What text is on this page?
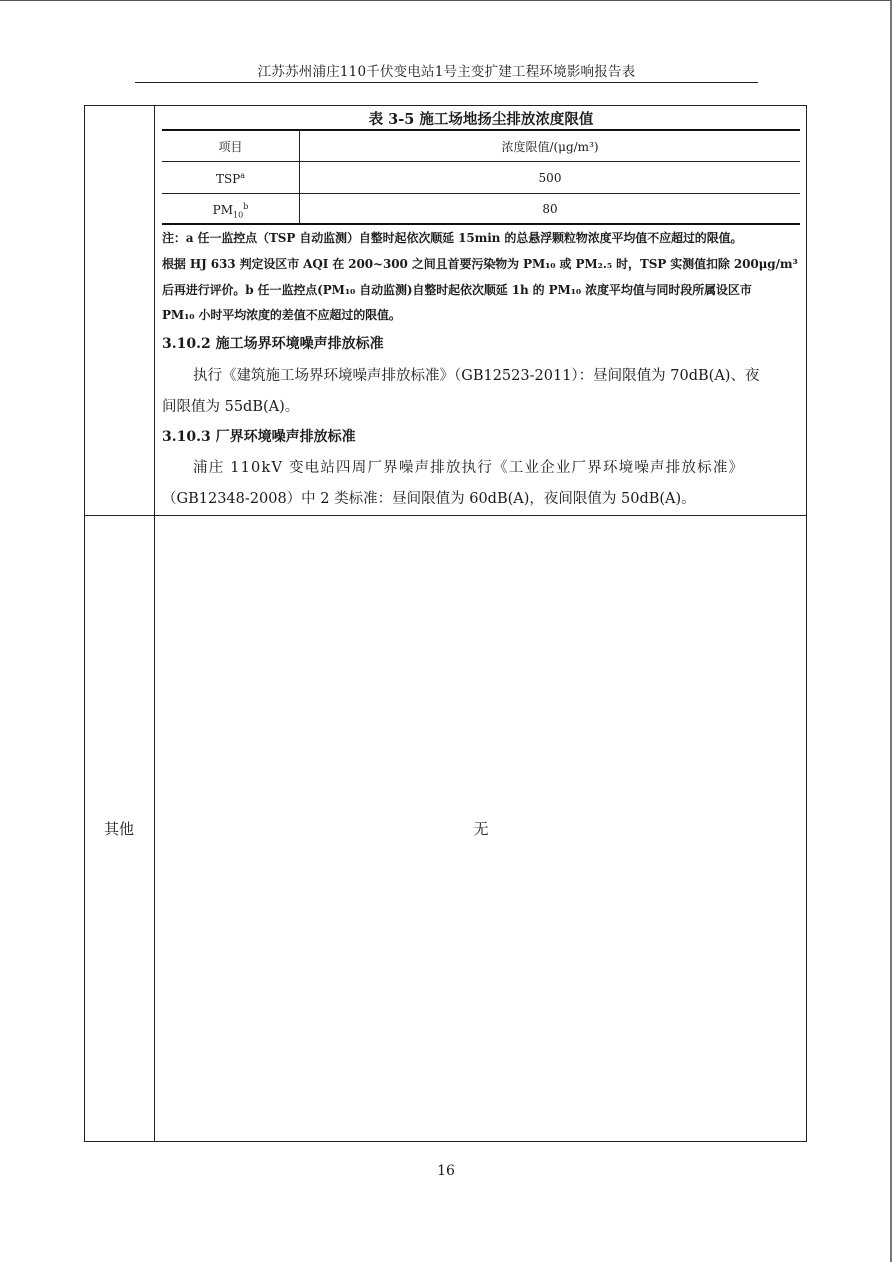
江苏苏州浦庄110千伏变电站1号主变扩建工程环境影响报告表
表 3-5 施工场地扬尘排放浓度限值
项目	浓度限值/(μg/m³)
TSP$^a$	500
$PM_{10}^b$	80
注：a 任一监控点（TSP 自动监测）自整时起依次顺延 15min 的总悬浮颗粒物浓度平均值不应超过的限值。
根据 HJ 633 判定设区市 AQI 在 200~300 之间且首要污染物为 PM₁₀ 或 PM₂.₅ 时，TSP 实测值扣除 200μg/m³
后再进行评价。b 任一监控点(PM₁₀ 自动监测)自整时起依次顺延 1h 的 PM₁₀ 浓度平均值与同时段所属设区市
PM₁₀ 小时平均浓度的差值不应超过的限值。
3.10.2 施工场界环境噪声排放标准
执行《建筑施工场界环境噪声排放标准》（GB12523-2011）：昼间限值为 70dB(A)、夜
间限值为 55dB(A)。
3.10.3 厂界环境噪声排放标准
浦庄 110kV 变电站四周厂界噪声排放执行《工业企业厂界环境噪声排放标准》
（GB12348-2008）中 2 类标准：昼间限值为 60dB(A)，夜间限值为 50dB(A)。
其他	无
16
